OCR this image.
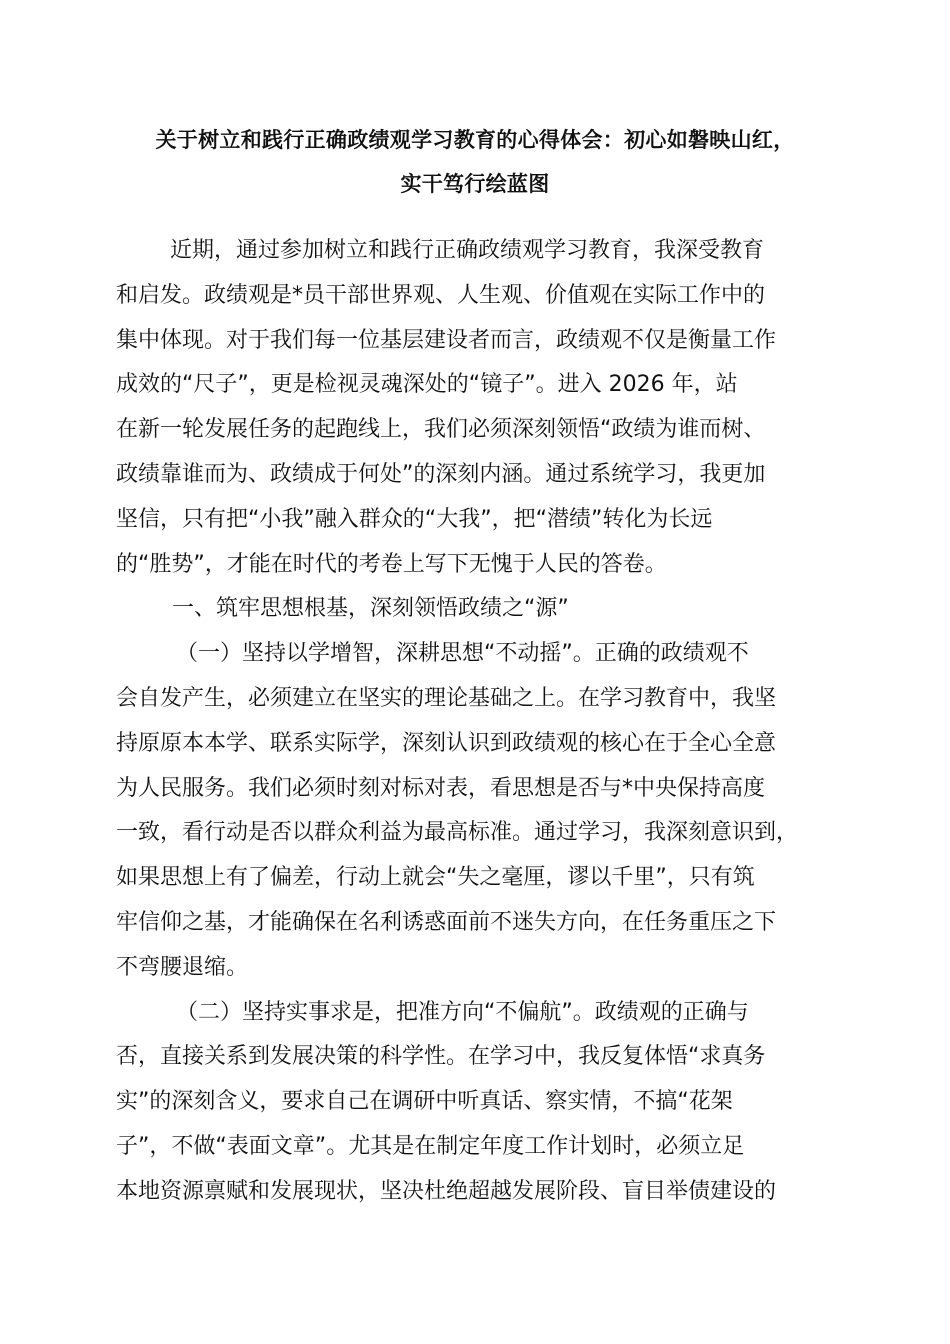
关于树立和践行正确政绩观学习教育的心得体会：初心如磐映山红，
实干笃行绘蓝图

近期，通过参加树立和践行正确政绩观学习教育，我深受教育
和启发。政绩观是*员干部世界观、人生观、价值观在实际工作中的
集中体现。对于我们每一位基层建设者而言，政绩观不仅是衡量工作
成效的“尺子”，更是检视灵魂深处的“镜子”。进入 2026 年，站
在新一轮发展任务的起跑线上，我们必须深刻领悟“政绩为谁而树、
政绩靠谁而为、政绩成于何处”的深刻内涵。通过系统学习，我更加
坚信，只有把“小我”融入群众的“大我”，把“潜绩”转化为长远
的“胜势”，才能在时代的考卷上写下无愧于人民的答卷。

一、筑牢思想根基，深刻领悟政绩之“源”

（一）坚持以学增智，深耕思想“不动摇”。正确的政绩观不
会自发产生，必须建立在坚实的理论基础之上。在学习教育中，我坚
持原原本本学、联系实际学，深刻认识到政绩观的核心在于全心全意
为人民服务。我们必须时刻对标对表，看思想是否与*中央保持高度
一致，看行动是否以群众利益为最高标准。通过学习，我深刻意识到，
如果思想上有了偏差，行动上就会“失之毫厘，谬以千里”，只有筑
牢信仰之基，才能确保在名利诱惑面前不迷失方向，在任务重压之下
不弯腰退缩。

（二）坚持实事求是，把准方向“不偏航”。政绩观的正确与
否，直接关系到发展决策的科学性。在学习中，我反复体悟“求真务
实”的深刻含义，要求自己在调研中听真话、察实情，不搞“花架
子”，不做“表面文章”。尤其是在制定年度工作计划时，必须立足
本地资源禀赋和发展现状，坚决杜绝超越发展阶段、盲目举债建设的
